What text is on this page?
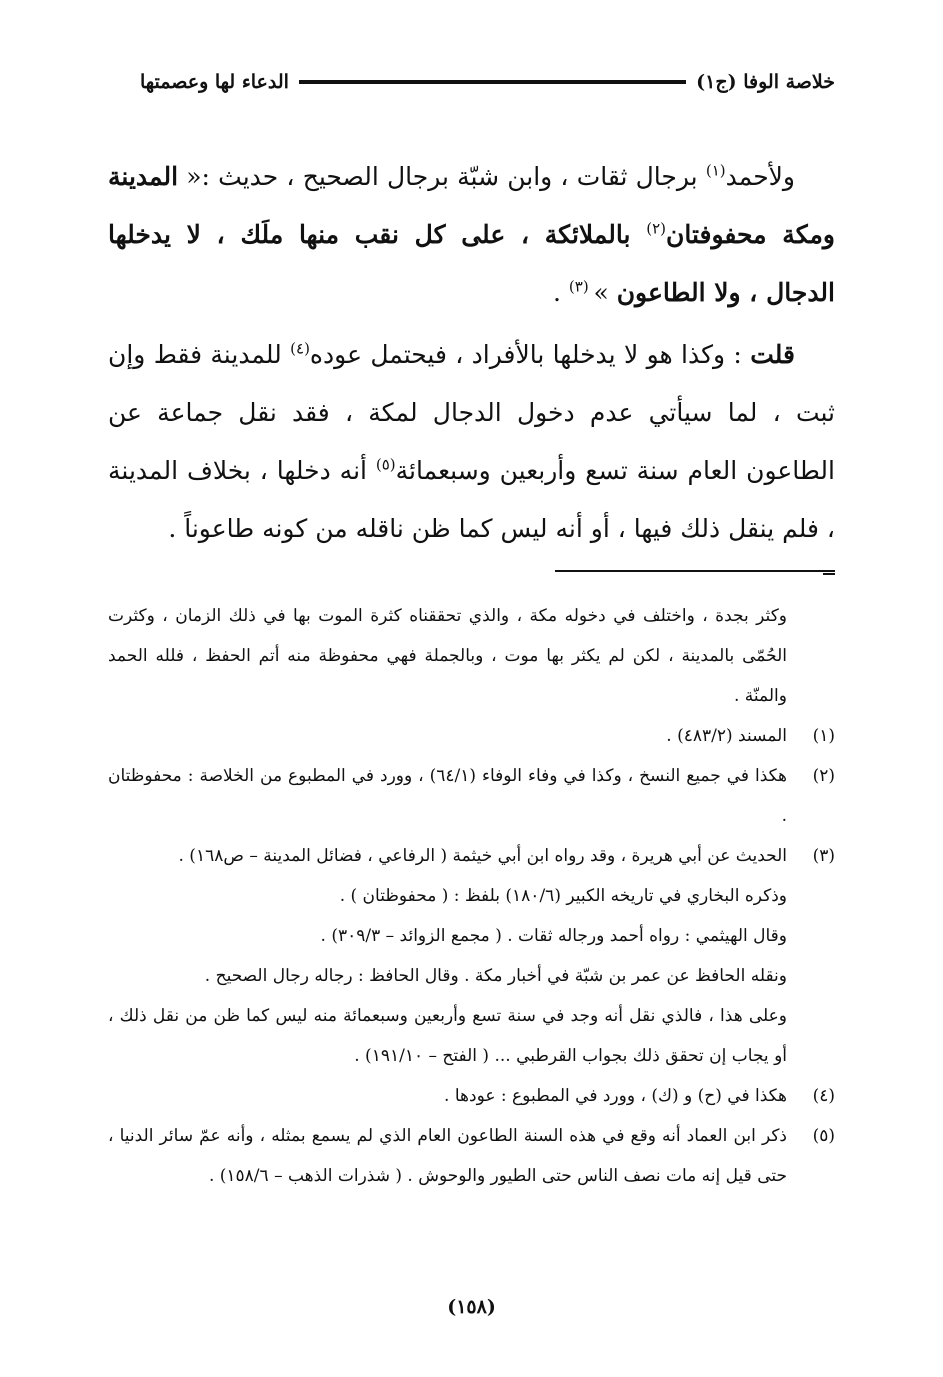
خلاصة الوفا (ج١)
الدعاء لها وعصمتها

ولأحمد$^{(١)}$ برجال ثقات ، وابن شبّة برجال الصحيح ، حديث :« المدينة ومكة محفوفتان$^{(٢)}$ بالملائكة ، على كل نقب منها ملَك ، لا يدخلها الدجال ، ولا الطاعون » $^{(٣)}$ .

قلت : وكذا هو لا يدخلها بالأفراد ، فيحتمل عوده$^{(٤)}$ للمدينة فقط وإن ثبت ، لما سيأتي عدم دخول الدجال لمكة ، فقد نقل جماعة عن الطاعون العام سنة تسع وأربعين وسبعمائة$^{(٥)}$ أنه دخلها ، بخلاف المدينة ، فلم ينقل ذلك فيها ، أو أنه ليس كما ظن ناقله من كونه طاعوناً .

وكثر بجدة ، واختلف في دخوله مكة ، والذي تحققناه كثرة الموت بها في ذلك الزمان ، وكثرت الحُمّى بالمدينة ، لكن لم يكثر بها موت ، وبالجملة فهي محفوظة منه أتم الحفظ ، فلله الحمد والمنّة .

(١)
المسند (٤٨٣/٢) .
(٢)
هكذا في جميع النسخ ، وكذا في وفاء الوفاء (٦٤/١) ، وورد في المطبوع من الخلاصة : محفوظتان .
(٣)
الحديث عن أبي هريرة ، وقد رواه ابن أبي خيثمة ( الرفاعي ، فضائل المدينة – ص١٦٨) .
وذكره البخاري في تاريخه الكبير (١٨٠/٦) بلفظ : ( محفوظتان ) .
وقال الهيثمي : رواه أحمد ورجاله ثقات . ( مجمع الزوائد – ٣٠٩/٣) .
ونقله الحافظ عن عمر بن شبّة في أخبار مكة . وقال الحافظ : رجاله رجال الصحيح .
وعلى هذا ، فالذي نقل أنه وجد في سنة تسع وأربعين وسبعمائة منه ليس كما ظن من نقل ذلك ، أو يجاب إن تحقق ذلك بجواب القرطبي ... ( الفتح – ١٩١/١٠) .
(٤)
هكذا في (ح) و (ك) ، وورد في المطبوع : عودها .
(٥)
ذكر ابن العماد أنه وقع في هذه السنة الطاعون العام الذي لم يسمع بمثله ، وأنه عمّ سائر الدنيا ، حتى قيل إنه مات نصف الناس حتى الطيور والوحوش . ( شذرات الذهب – ١٥٨/٦) .
(١٥٨)
